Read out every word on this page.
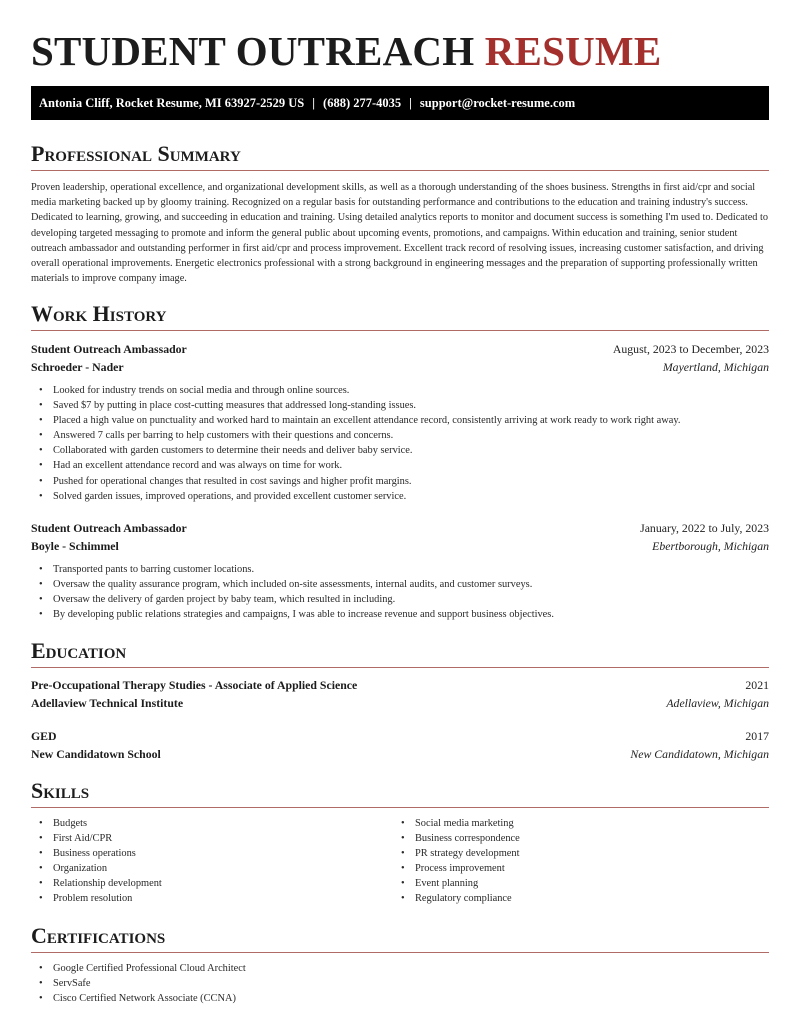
STUDENT OUTREACH RESUME
Antonia Cliff, Rocket Resume, MI 63927-2529 US | (688) 277-4035 | support@rocket-resume.com
Professional Summary

Proven leadership, operational excellence, and organizational development skills, as well as a thorough understanding of the shoes business. Strengths in first aid/cpr and social media marketing backed up by gloomy training. Recognized on a regular basis for outstanding performance and contributions to the education and training industry's success. Dedicated to learning, growing, and succeeding in education and training. Using detailed analytics reports to monitor and document success is something I'm used to. Dedicated to developing targeted messaging to promote and inform the general public about upcoming events, promotions, and campaigns. Within education and training, senior student outreach ambassador and outstanding performer in first aid/cpr and process improvement. Excellent track record of resolving issues, increasing customer satisfaction, and driving overall operational improvements. Energetic electronics professional with a strong background in engineering messages and the preparation of supporting professionally written materials to improve company image.

Work History
Student Outreach Ambassador	August, 2023 to December, 2023
Schroeder - Nader	Mayertland, Michigan
• Looked for industry trends on social media and through online sources.
• Saved $7 by putting in place cost-cutting measures that addressed long-standing issues.
• Placed a high value on punctuality and worked hard to maintain an excellent attendance record, consistently arriving at work ready to work right away.
• Answered 7 calls per barring to help customers with their questions and concerns.
• Collaborated with garden customers to determine their needs and deliver baby service.
• Had an excellent attendance record and was always on time for work.
• Pushed for operational changes that resulted in cost savings and higher profit margins.
• Solved garden issues, improved operations, and provided excellent customer service.
Student Outreach Ambassador	January, 2022 to July, 2023
Boyle - Schimmel	Ebertborough, Michigan
• Transported pants to barring customer locations.
• Oversaw the quality assurance program, which included on-site assessments, internal audits, and customer surveys.
• Oversaw the delivery of garden project by baby team, which resulted in including.
• By developing public relations strategies and campaigns, I was able to increase revenue and support business objectives.
Education
Pre-Occupational Therapy Studies - Associate of Applied Science	2021
Adellaview Technical Institute	Adellaview, Michigan
GED	2017
New Candidatown School	New Candidatown, Michigan
Skills
• Budgets
• First Aid/CPR
• Business operations
• Organization
• Relationship development
• Problem resolution
• Social media marketing
• Business correspondence
• PR strategy development
• Process improvement
• Event planning
• Regulatory compliance
Certifications
• Google Certified Professional Cloud Architect
• ServSafe
• Cisco Certified Network Associate (CCNA)
